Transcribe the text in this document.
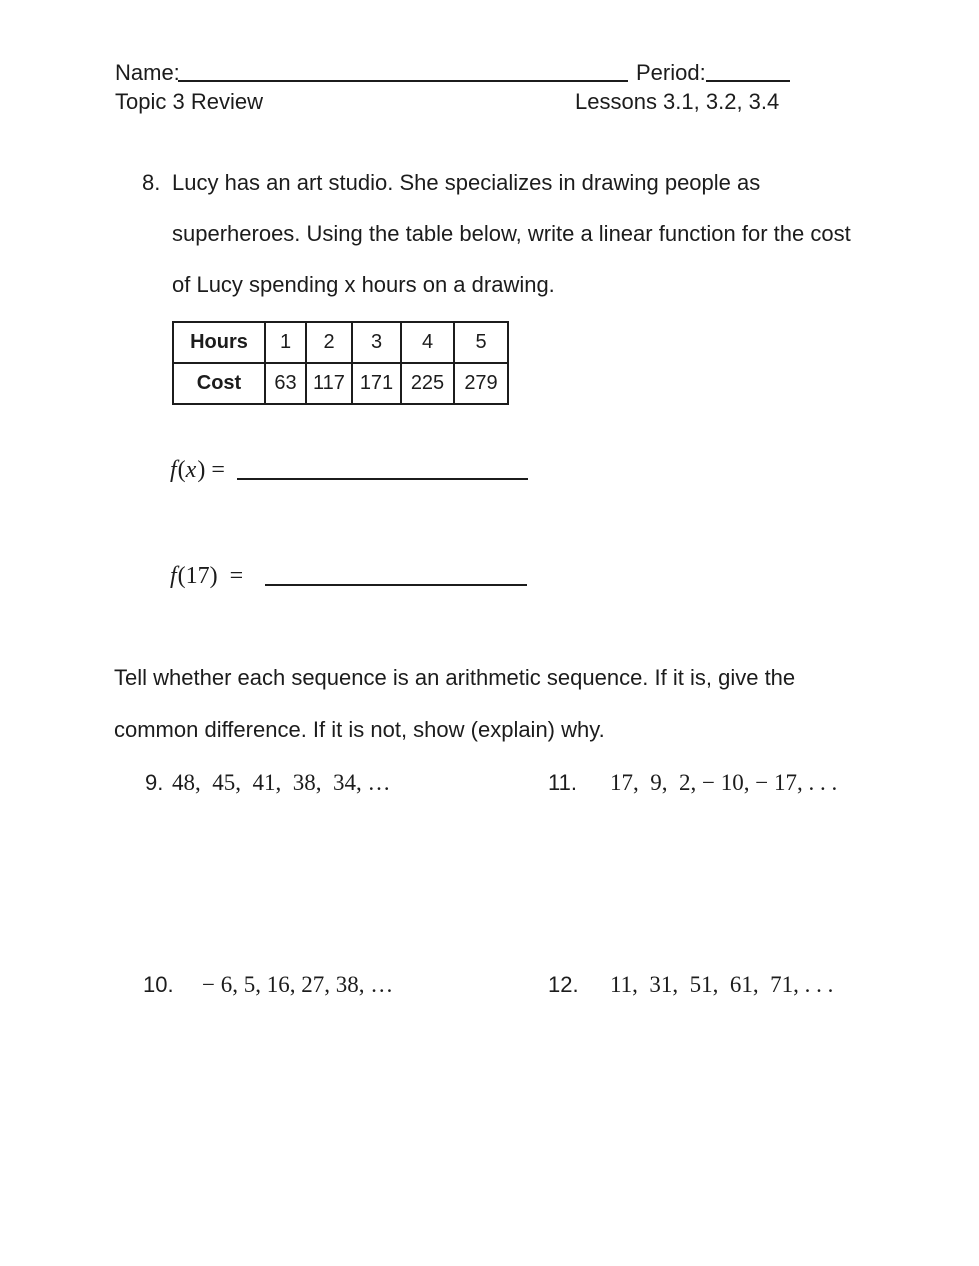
Name:	Period:
Topic 3 Review	Lessons 3.1, 3.2, 3.4
8. Lucy has an art studio. She specializes in drawing people as
superheroes. Using the table below, write a linear function for the cost
of Lucy spending x hours on a drawing.
Hours	1	2	3	4	5
Cost	63	117	171	225	279
f(x) =
f(17) =
Tell whether each sequence is an arithmetic sequence. If it is, give the
common difference. If it is not, show (explain) why.
9. 48,  45,  41,  38,  34, …	11. 17,  9,  2, − 10, − 17, . . .
10. − 6, 5, 16, 27, 38, …	12. 11,  31,  51,  61,  71, . . .
